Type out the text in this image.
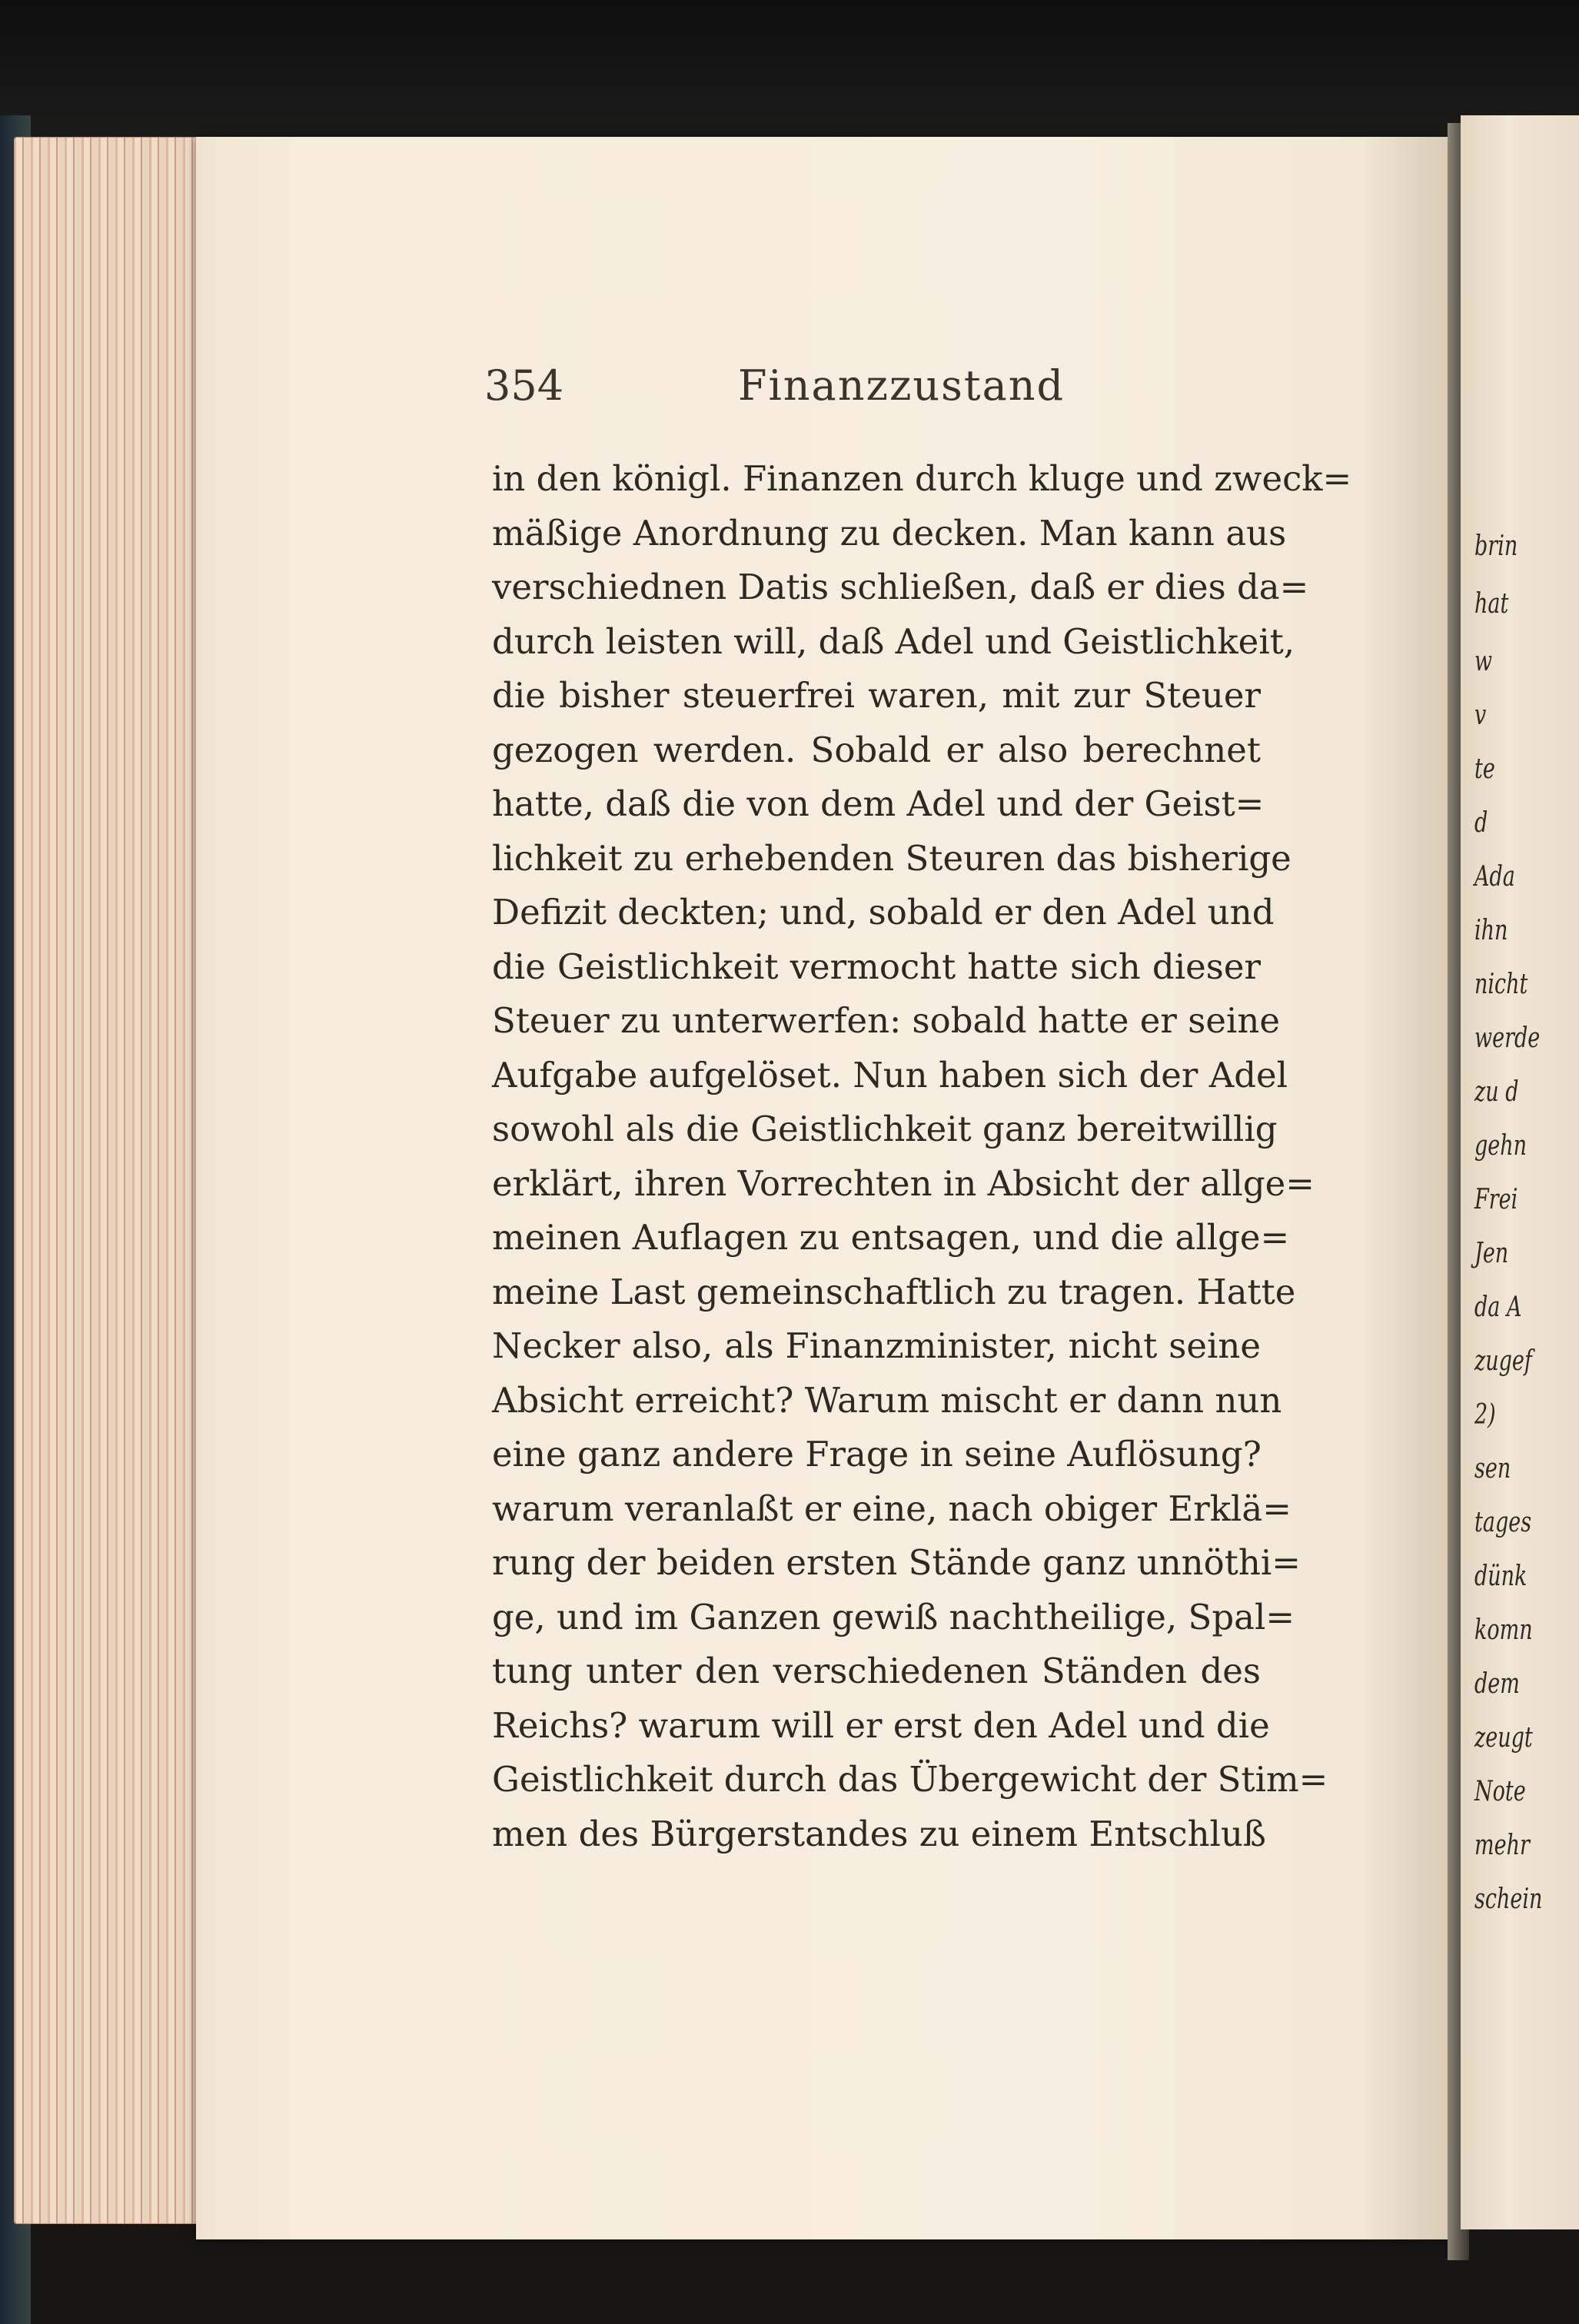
354	Finanzzustand
in den königl. Finanzen durch kluge und zweck=
mäßige Anordnung zu decken. Man kann aus
verschiednen Datis schließen, daß er dies da=
durch leisten will, daß Adel und Geistlichkeit,
die bisher steuerfrei waren, mit zur Steuer
gezogen werden. Sobald er also berechnet
hatte, daß die von dem Adel und der Geist=
lichkeit zu erhebenden Steuren das bisherige
Defizit deckten; und, sobald er den Adel und
die Geistlichkeit vermocht hatte sich dieser
Steuer zu unterwerfen: sobald hatte er seine
Aufgabe aufgelöset. Nun haben sich der Adel
sowohl als die Geistlichkeit ganz bereitwillig
erklärt, ihren Vorrechten in Absicht der allge=
meinen Auflagen zu entsagen, und die allge=
meine Last gemeinschaftlich zu tragen. Hatte
Necker also, als Finanzminister, nicht seine
Absicht erreicht? Warum mischt er dann nun
eine ganz andere Frage in seine Auflösung?
warum veranlaßt er eine, nach obiger Erklä=
rung der beiden ersten Stände ganz unnöthi=
ge, und im Ganzen gewiß nachtheilige, Spal=
tung unter den verschiedenen Ständen des
Reichs? warum will er erst den Adel und die
Geistlichkeit durch das Übergewicht der Stim=
men des Bürgerstandes zu einem Entschluß
brin
hat
w
v
te
d
Ada
ihn
nicht
werde
zu d
gehn
Frei
Jen
da A
zugef
2)
sen
tages
dünk
komn
dem
zeugt
Note
mehr
schein
